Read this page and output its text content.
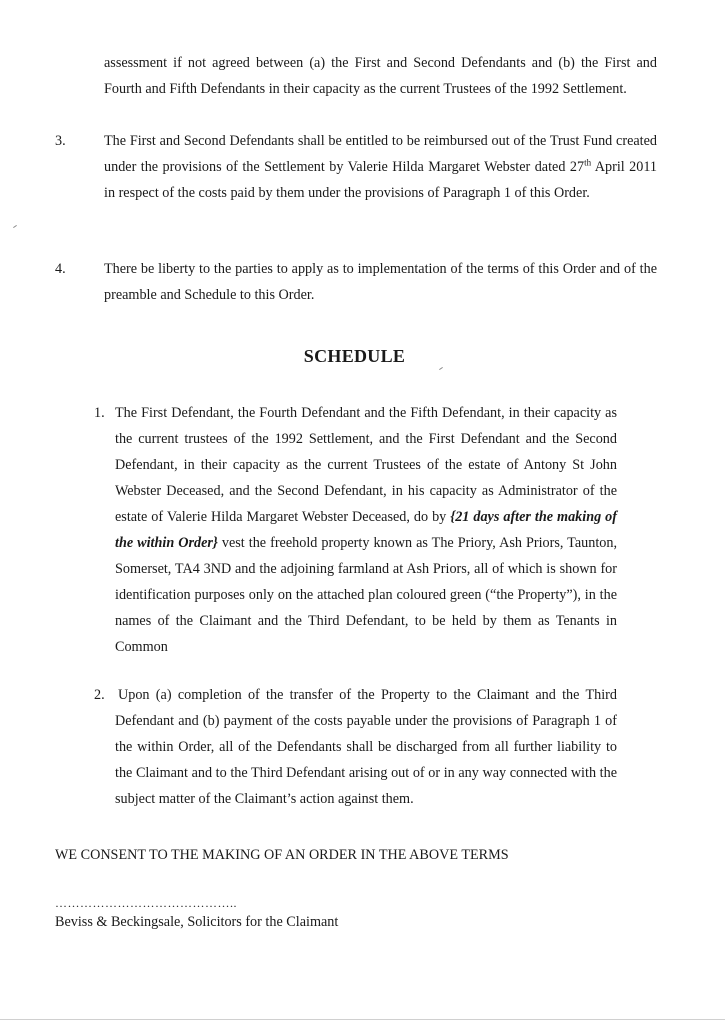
assessment if not agreed between (a) the First and Second Defendants and (b) the First and Fourth and Fifth Defendants in their capacity as the current Trustees of the 1992 Settlement.

3.	The First and Second Defendants shall be entitled to be reimbursed out of the Trust Fund created under the provisions of the Settlement by Valerie Hilda Margaret Webster dated 27th April 2011 in respect of the costs paid by them under the provisions of Paragraph 1 of this Order.

4.	There be liberty to the parties to apply as to implementation of the terms of this Order and of the preamble and Schedule to this Order.

SCHEDULE
1. The First Defendant, the Fourth Defendant and the Fifth Defendant, in their capacity as the current trustees of the 1992 Settlement, and the First Defendant and the Second Defendant, in their capacity as the current Trustees of the estate of Antony St John Webster Deceased, and the Second Defendant, in his capacity as Administrator of the estate of Valerie Hilda Margaret Webster Deceased, do by {21 days after the making of the within Order} vest the freehold property known as The Priory, Ash Priors, Taunton, Somerset, TA4 3ND and the adjoining farmland at Ash Priors, all of which is shown for identification purposes only on the attached plan coloured green (“the Property”), in the names of the Claimant and the Third Defendant, to be held by them as Tenants in Common

2. Upon (a) completion of the transfer of the Property to the Claimant and the Third Defendant and (b) payment of the costs payable under the provisions of Paragraph 1 of the within Order, all of the Defendants shall be discharged from all further liability to the Claimant and to the Third Defendant arising out of or in any way connected with the subject matter of the Claimant’s action against them.

WE CONSENT TO THE MAKING OF AN ORDER IN THE ABOVE TERMS
……………………………………..
Beviss & Beckingsale, Solicitors for the Claimant
